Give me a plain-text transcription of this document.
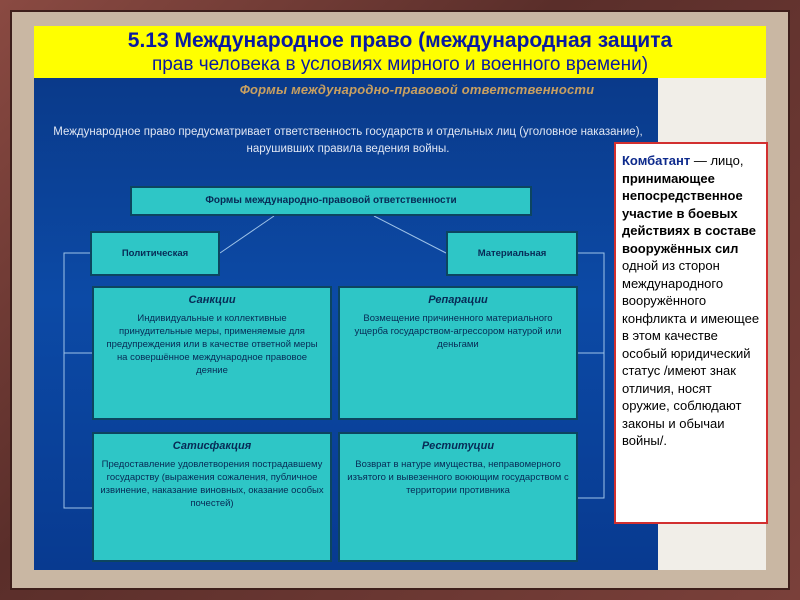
5.13 Международное право (международная защита
прав человека в условиях мирного и военного времени)
Формы международно-правовой ответственности
Международное право предусматривает ответственность государств и отдельных лиц (уголовное наказание), нарушивших правила ведения войны.
Формы международно-правовой ответственности
Политическая	Материальная
Санкции
Индивидуальные и коллективные принудительные меры, применяемые для предупреждения или в качестве ответной меры на совершённое международное правовое деяние
Репарации
Возмещение причиненного материального ущерба государством-агрессором натурой или деньгами
Сатисфакция
Предоставление удовлетворения пострадавшему государству (выражения сожаления, публичное извинение, наказание виновных, оказание особых почестей)
Реституции
Возврат в натуре имущества, неправомерного изъятого и вывезенного воюющим государством с территории противника
Комбатант — лицо, принимающее непосредственное участие в боевых действиях в составе вооружённых сил одной из сторон международного вооружённого конфликта и имеющее в этом качестве особый юридический статус /имеют знак отличия, носят оружие, соблюдают законы и обычаи войны/.
